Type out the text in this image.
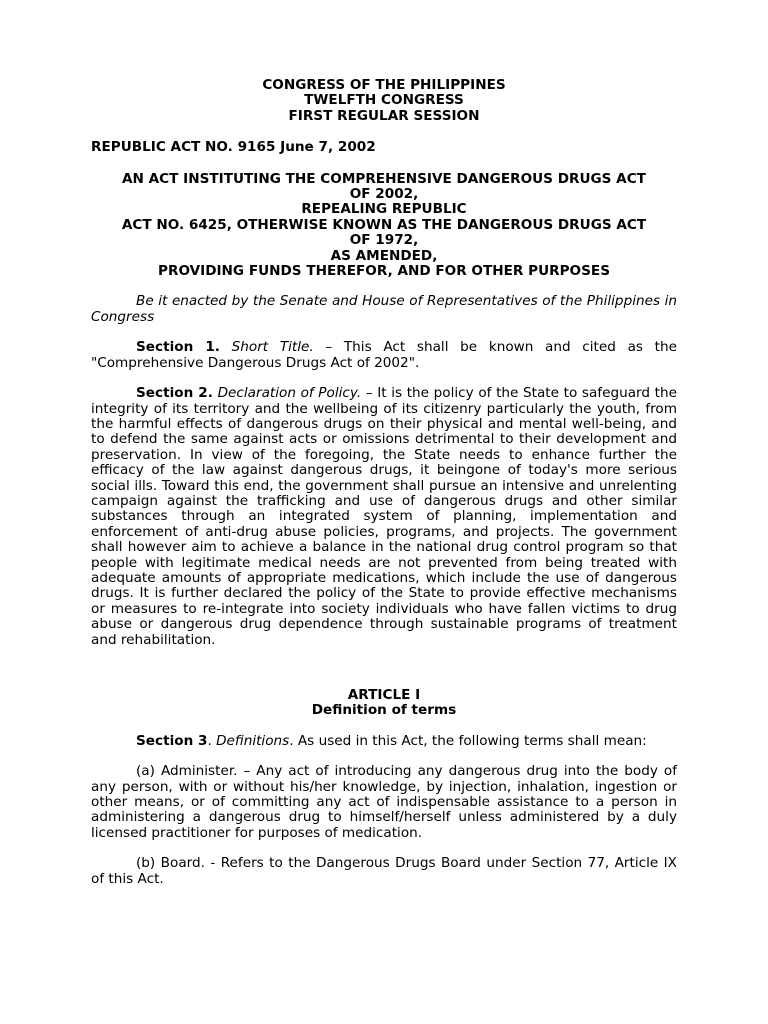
CONGRESS OF THE PHILIPPINES
TWELFTH CONGRESS
FIRST REGULAR SESSION

REPUBLIC ACT NO. 9165 June 7, 2002

AN ACT INSTITUTING THE COMPREHENSIVE DANGEROUS DRUGS ACT
OF 2002,
REPEALING REPUBLIC
ACT NO. 6425, OTHERWISE KNOWN AS THE DANGEROUS DRUGS ACT
OF 1972,
AS AMENDED,
PROVIDING FUNDS THEREFOR, AND FOR OTHER PURPOSES

Be it enacted by the Senate and House of Representatives of the Philippines in Congress

Section 1. Short Title. – This Act shall be known and cited as the "Comprehensive Dangerous Drugs Act of 2002".

Section 2. Declaration of Policy. – It is the policy of the State to safeguard the integrity of its territory and the wellbeing of its citizenry particularly the youth, from the harmful effects of dangerous drugs on their physical and mental well-being, and to defend the same against acts or omissions detrimental to their development and preservation. In view of the foregoing, the State needs to enhance further the efficacy of the law against dangerous drugs, it beingone of today's more serious social ills. Toward this end, the government shall pursue an intensive and unrelenting campaign against the trafficking and use of dangerous drugs and other similar substances through an integrated system of planning, implementation and enforcement of anti-drug abuse policies, programs, and projects. The government shall however aim to achieve a balance in the national drug control program so that people with legitimate medical needs are not prevented from being treated with adequate amounts of appropriate medications, which include the use of dangerous drugs. It is further declared the policy of the State to provide effective mechanisms or measures to re-integrate into society individuals who have fallen victims to drug abuse or dangerous drug dependence through sustainable programs of treatment and rehabilitation.

ARTICLE I
Definition of terms

Section 3. Definitions. As used in this Act, the following terms shall mean:

(a) Administer. – Any act of introducing any dangerous drug into the body of any person, with or without his/her knowledge, by injection, inhalation, ingestion or other means, or of committing any act of indispensable assistance to a person in administering a dangerous drug to himself/herself unless administered by a duly licensed practitioner for purposes of medication.

(b) Board. - Refers to the Dangerous Drugs Board under Section 77, Article IX of this Act.
